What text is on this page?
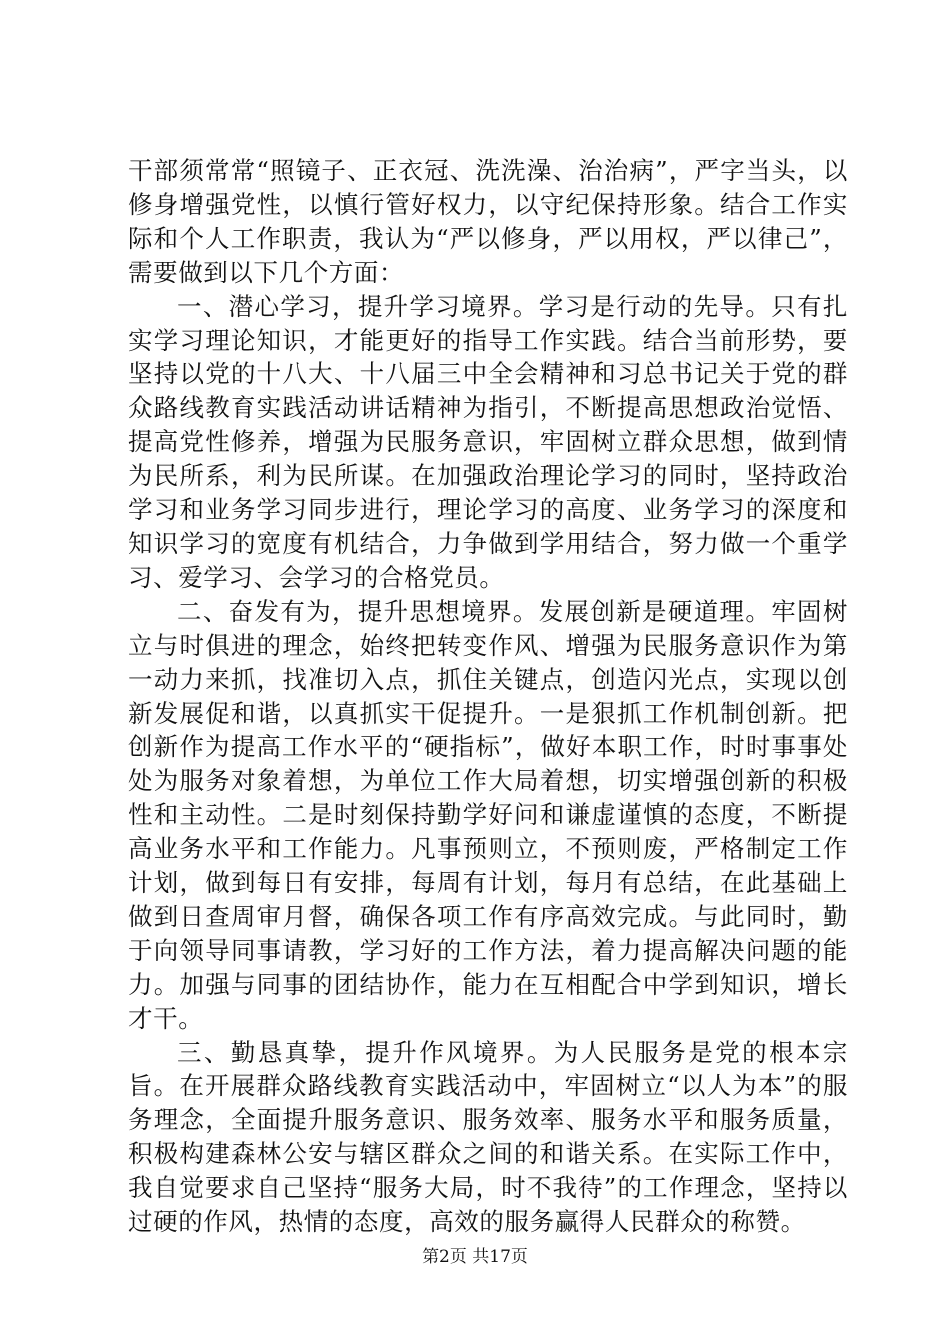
干部须常常“照镜子、正衣冠、洗洗澡、治治病”，严字当头，以修身增强党性，以慎行管好权力，以守纪保持形象。结合工作实际和个人工作职责，我认为“严以修身，严以用权，严以律己”，需要做到以下几个方面：

一、潜心学习，提升学习境界。学习是行动的先导。只有扎实学习理论知识，才能更好的指导工作实践。结合当前形势，要坚持以党的十八大、十八届三中全会精神和习总书记关于党的群众路线教育实践活动讲话精神为指引，不断提高思想政治觉悟、提高党性修养，增强为民服务意识，牢固树立群众思想，做到情为民所系，利为民所谋。在加强政治理论学习的同时，坚持政治学习和业务学习同步进行，理论学习的高度、业务学习的深度和知识学习的宽度有机结合，力争做到学用结合，努力做一个重学习、爱学习、会学习的合格党员。

二、奋发有为，提升思想境界。发展创新是硬道理。牢固树立与时俱进的理念，始终把转变作风、增强为民服务意识作为第一动力来抓，找准切入点，抓住关键点，创造闪光点，实现以创新发展促和谐，以真抓实干促提升。一是狠抓工作机制创新。把创新作为提高工作水平的“硬指标”，做好本职工作，时时事事处处为服务对象着想，为单位工作大局着想，切实增强创新的积极性和主动性。二是时刻保持勤学好问和谦虚谨慎的态度，不断提高业务水平和工作能力。凡事预则立，不预则废，严格制定工作计划，做到每日有安排，每周有计划，每月有总结，在此基础上做到日查周审月督，确保各项工作有序高效完成。与此同时，勤于向领导同事请教，学习好的工作方法，着力提高解决问题的能力。加强与同事的团结协作，能力在互相配合中学到知识，增长才干。

三、勤恳真挚，提升作风境界。为人民服务是党的根本宗旨。在开展群众路线教育实践活动中，牢固树立“以人为本”的服务理念，全面提升服务意识、服务效率、服务水平和服务质量，积极构建森林公安与辖区群众之间的和谐关系。在实际工作中，我自觉要求自己坚持“服务大局，时不我待”的工作理念，坚持以过硬的作风，热情的态度，高效的服务赢得人民群众的称赞。

第2页 共17页
